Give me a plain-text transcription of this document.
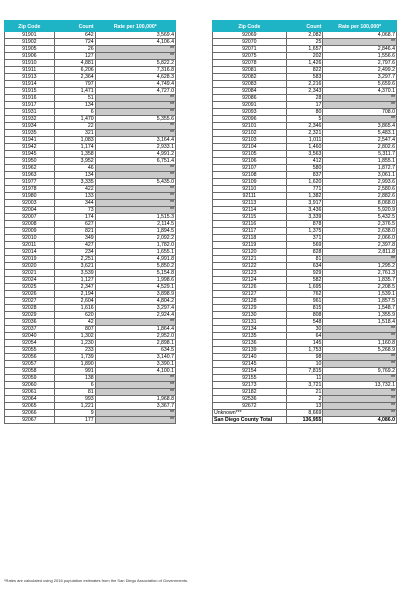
Zip Code	Count	Rate per 100,000*
91901	642	3,569.4
91902	724	4,106.4
91905	26	**
91906	127	**
91910	4,881	5,822.2
91911	6,206	7,316.8
91913	2,364	4,628.3
91914	797	4,749.4
91915	1,471	4,727.0
91916	51	**
91917	134	**
91931	6	**
91932	1,470	5,355.6
91934	22	**
91935	321	**
91941	1,083	3,164.4
91942	1,174	2,933.1
91945	1,358	4,991.2
91950	3,952	6,751.4
91962	46	**
91963	134	**
91977	3,335	5,435.0
91978	422	**
91980	133	**
92003	344	**
92004	73	**
92007	174	1,515.3
92008	627	2,114.5
92009	821	1,894.5
92010	349	2,092.2
92011	427	1,782.0
92014	234	1,655.1
92019	2,251	4,991.8
92020	3,621	5,850.2
92021	3,539	5,154.8
92024	1,127	1,998.6
92025	2,347	4,529.1
92026	2,194	3,898.9
92027	2,604	4,804.2
92028	1,616	3,297.4
92029	620	2,924.4
92036	42	**
92037	807	1,864.4
92040	1,302	2,952.0
92054	1,230	2,898.1
92055	233	634.5
92056	1,739	3,140.7
92057	1,890	3,390.1
92058	991	4,100.1
92059	138	**
92060	6	**
92061	81	**
92064	993	1,968.8
92065	1,221	3,367.7
92066	9	**
92067	177	**
Zip Code	Count	Rate per 100,000*
92069	2,082	4,068.7
92070	25	**
92071	1,657	2,846.4
92075	202	1,556.6
92078	1,426	2,797.6
92081	822	2,499.2
92082	583	3,297.7
92083	2,216	5,659.6
92084	2,343	4,370.1
92086	28	**
92091	17	**
92093	80	708.0
92096	5	**
92101	2,346	3,865.4
92102	2,321	5,483.1
92103	1,011	2,547.4
92104	1,460	2,802.6
92105	3,563	5,311.7
92106	412	1,855.1
92107	580	1,872.7
92108	837	3,061.1
92109	1,620	2,993.6
92110	771	2,580.6
92111	1,382	2,882.6
92113	3,917	8,068.0
92114	3,436	5,920.9
92115	3,339	5,432.5
92116	878	2,376.5
92117	1,375	2,638.0
92118	371	2,066.0
92119	569	2,397.8
92120	828	2,811.8
92121	81	**
92122	634	1,295.2
92123	929	2,761.3
92124	582	1,835.7
92126	1,695	2,208.5
92127	762	1,539.1
92128	961	1,857.5
92129	815	1,548.7
92130	808	1,355.9
92131	548	1,518.4
92134	30	**
92135	64	**
92136	145	1,160.8
92139	1,753	5,268.9
92140	98	**
92145	10	**
92154	7,815	9,769.2
92155	11	**
92173	3,721	13,732.1
92182	21	**
92536	2	**
92672	13	**
Unknown***	8,669	**
San Diego County Total	136,955	4,086.0
*Rates are calculated using 2016 population estimates from the San Diego Association of Governments.
